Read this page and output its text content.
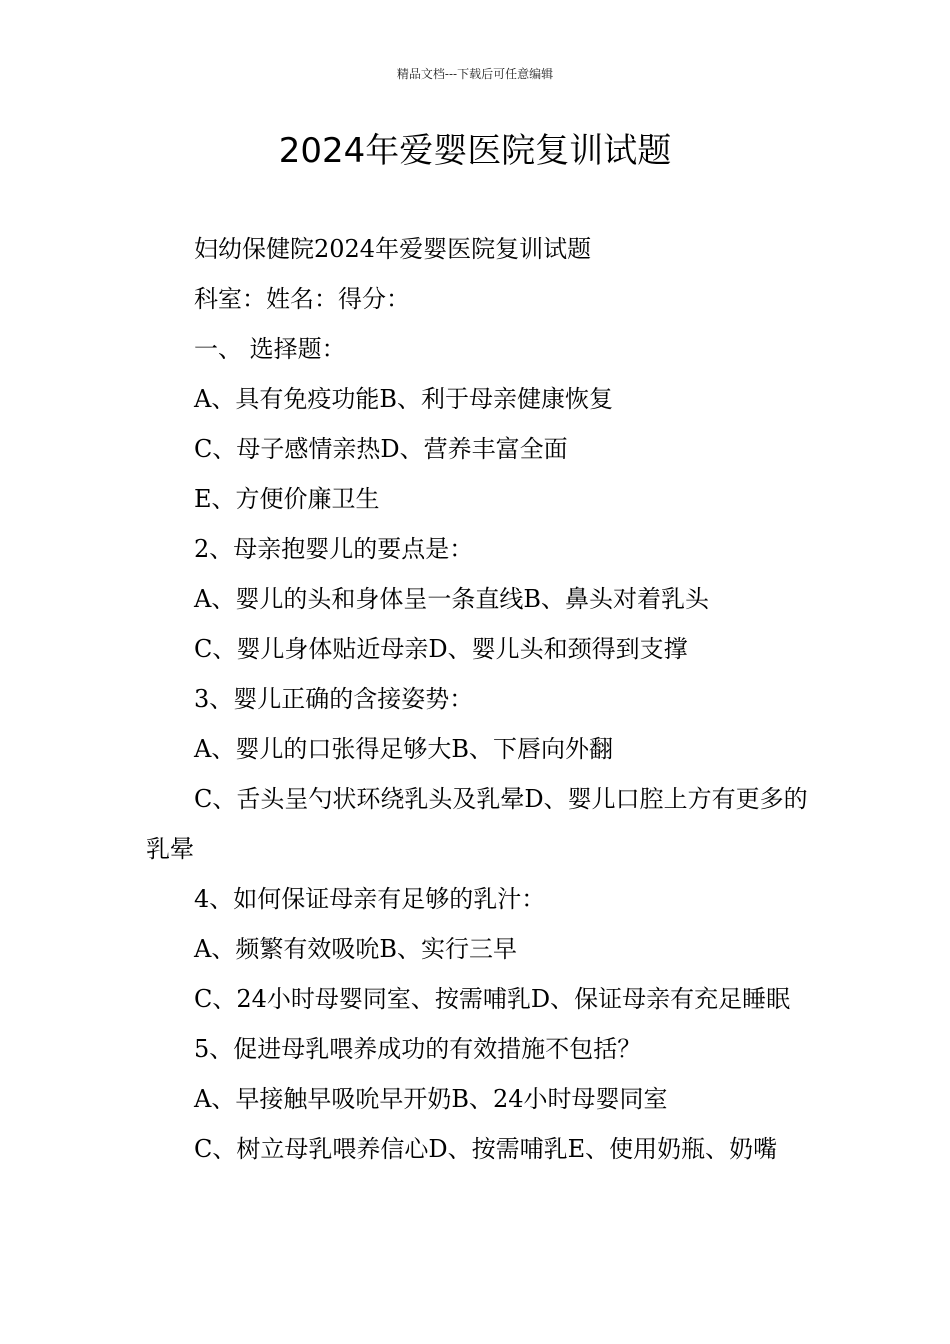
精品文档---下载后可任意编辑
2024年爱婴医院复训试题

妇幼保健院2024年爱婴医院复训试题

科室：姓名：得分：

一、 选择题：

A、具有免疫功能B、利于母亲健康恢复

C、母子感情亲热D、营养丰富全面

E、方便价廉卫生

2、母亲抱婴儿的要点是：

A、婴儿的头和身体呈一条直线B、鼻头对着乳头

C、婴儿身体贴近母亲D、婴儿头和颈得到支撑

3、婴儿正确的含接姿势：

A、婴儿的口张得足够大B、下唇向外翻

C、舌头呈勺状环绕乳头及乳晕D、婴儿口腔上方有更多的乳晕

4、如何保证母亲有足够的乳汁：

A、频繁有效吸吮B、实行三早

C、24小时母婴同室、按需哺乳D、保证母亲有充足睡眠

5、促进母乳喂养成功的有效措施不包括？

A、早接触早吸吮早开奶B、24小时母婴同室

C、树立母乳喂养信心D、按需哺乳E、使用奶瓶、奶嘴
